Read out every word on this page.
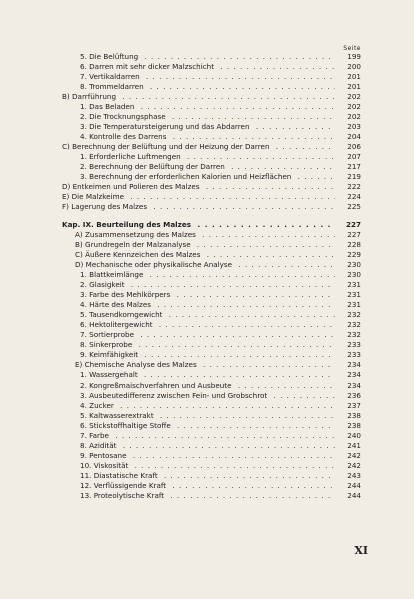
Seite
5. Die Belüftung . . .	199
6. Darren mit sehr dicker Malzschicht . . .	200
7. Vertikaldarren . . .	201
8. Trommeldarren . . .	201
B) Darrführung . . .	202
1. Das Beladen . . .	202
2. Die Trocknungsphase . . .	202
3. Die Temperatursteigerung und das Abdarren . . .	203
4. Kontrolle des Darrens . . .	204
C) Berechnung der Belüftung und der Heizung der Darren . . .	206
1. Erforderliche Luftmengen . . .	207
2. Berechnung der Belüftung der Darren . . .	217
3. Berechnung der erforderlichen Kalorien und Heizflächen . . .	219
D) Entkeimen und Polieren des Malzes . . .	222
E) Die Malzkeime . . .	224
F) Lagerung des Malzes . . .	225
Kap. IX. Beurteilung des Malzes . . .	227
A) Zusammensetzung des Malzes . . .	227
B) Grundregeln der Malzanalyse . . .	228
C) Äußere Kennzeichen des Malzes . . .	229
D) Mechanische oder physikalische Analyse . . .	230
1. Blattkeimlänge . . .	230
2. Glasigkeit . . .	231
3. Farbe des Mehlkörpers . . .	231
4. Härte des Malzes . . .	231
5. Tausendkorngewicht . . .	232
6. Hektolitergewicht . . .	232
7. Sortierprobe . . .	232
8. Sinkerprobe . . .	233
9. Keimfähigkeit . . .	233
E) Chemische Analyse des Malzes . . .	234
1. Wassergehalt . . .	234
2. Kongreßmaischverfahren und Ausbeute . . .	234
3. Ausbeutedifferenz zwischen Fein- und Grobschrot . . .	236
4. Zucker . . .	237
5. Kaltwasserextrakt . . .	238
6. Stickstoffhaltige Stoffe . . .	238
7. Farbe . . .	240
8. Azidität . . .	241
9. Pentosane . . .	242
10. Viskosität . . .	242
11. Diastatische Kraft . . .	243
12. Verflüssigende Kraft . . .	244
13. Proteolytische Kraft . . .	244
XI
